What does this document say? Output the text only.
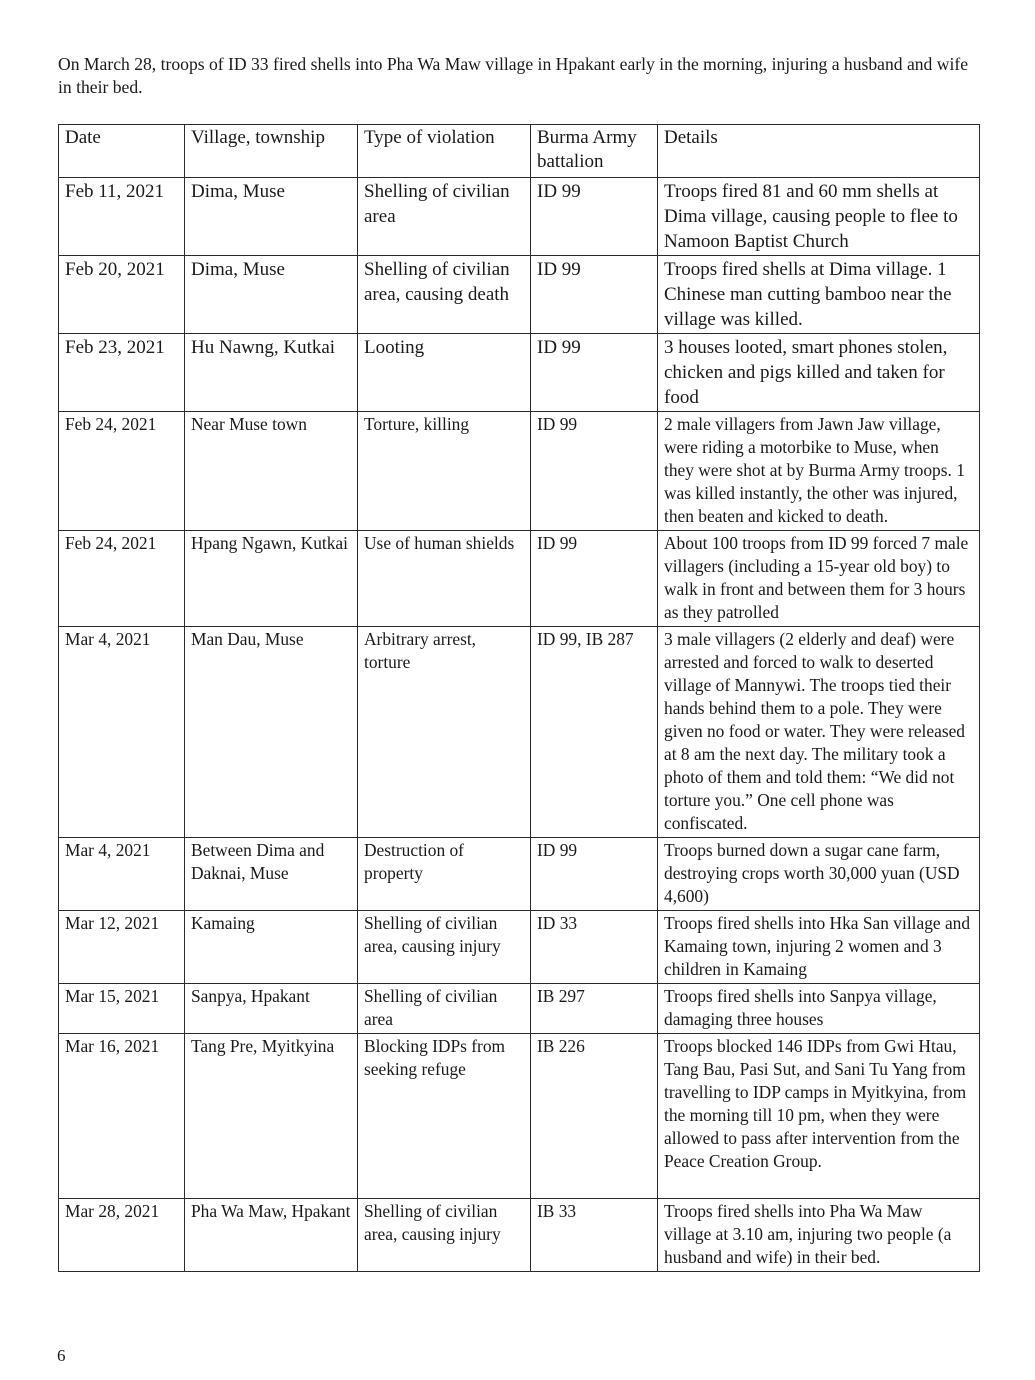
On March 28, troops of ID 33 fired shells into Pha Wa Maw village in Hpakant early in the morning, injuring a husband and wife in their bed.

Date	Village, township	Type of violation	Burma Army battalion	Details
Feb 11, 2021	Dima, Muse	Shelling of civilian area	ID 99	Troops fired 81 and 60 mm shells at Dima village, causing people to flee to Namoon Baptist Church
Feb 20, 2021	Dima, Muse	Shelling of civilian area, causing death	ID 99	Troops fired shells at Dima village. 1 Chinese man cutting bamboo near the village was killed.
Feb 23, 2021	Hu Nawng, Kutkai	Looting	ID 99	3 houses looted, smart phones stolen, chicken and pigs killed and taken for food
Feb 24, 2021	Near Muse town	Torture, killing	ID 99	2 male villagers from Jawn Jaw village, were riding a motorbike to Muse, when they were shot at by Burma Army troops. 1 was killed instantly, the other was injured, then beaten and kicked to death.
Feb 24, 2021	Hpang Ngawn, Kutkai	Use of human shields	ID 99	About 100 troops from ID 99 forced 7 male villagers (including a 15-year old boy) to walk in front and between them for 3 hours as they patrolled
Mar 4, 2021	Man Dau, Muse	Arbitrary arrest, torture	ID 99, IB 287	3 male villagers (2 elderly and deaf) were arrested and forced to walk to deserted village of Mannywi. The troops tied their hands behind them to a pole. They were given no food or water. They were released at 8 am the next day. The military took a photo of them and told them: “We did not torture you.” One cell phone was confiscated.
Mar 4, 2021	Between Dima and Daknai, Muse	Destruction of property	ID 99	Troops burned down a sugar cane farm, destroying crops worth 30,000 yuan (USD 4,600)
Mar 12, 2021	Kamaing	Shelling of civilian area, causing injury	ID 33	Troops fired shells into Hka San village and Kamaing town, injuring 2 women and 3 children in Kamaing
Mar 15, 2021	Sanpya, Hpakant	Shelling of civilian area	IB 297	Troops fired shells into Sanpya village, damaging three houses
Mar 16, 2021	Tang Pre, Myitkyina	Blocking IDPs from seeking refuge	IB 226	Troops blocked 146 IDPs from Gwi Htau, Tang Bau, Pasi Sut, and Sani Tu Yang from travelling to IDP camps in Myitkyina, from the morning till 10 pm, when they were allowed to pass after intervention from the Peace Creation Group.
Mar 28, 2021	Pha Wa Maw, Hpakant	Shelling of civilian area, causing injury	IB 33	Troops fired shells into Pha Wa Maw village at 3.10 am, injuring two people (a husband and wife) in their bed.

6
